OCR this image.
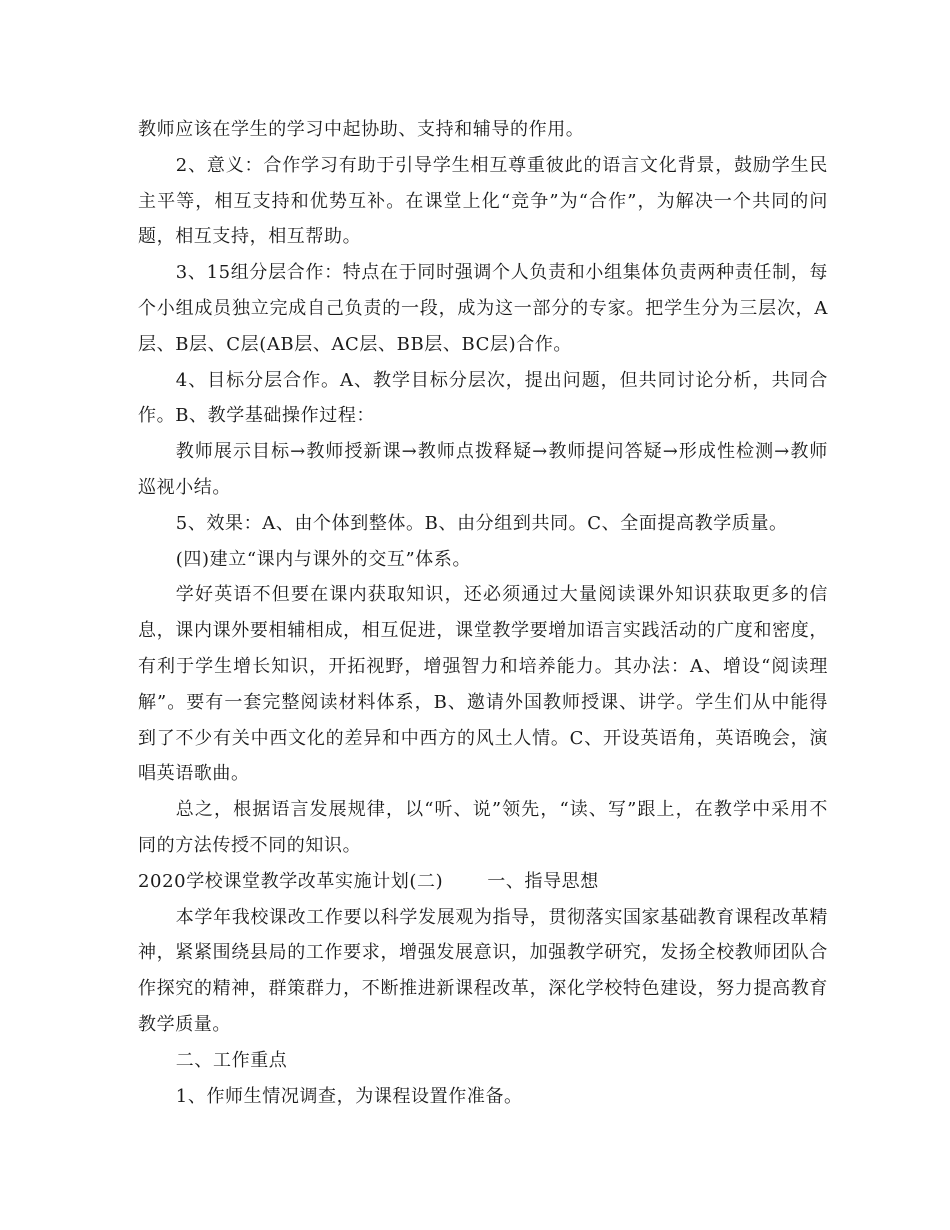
教师应该在学生的学习中起协助、支持和辅导的作用。

2、意义：合作学习有助于引导学生相互尊重彼此的语言文化背景，鼓励学生民主平等，相互支持和优势互补。在课堂上化“竞争”为“合作”，为解决一个共同的问题，相互支持，相互帮助。

3、15组分层合作：特点在于同时强调个人负责和小组集体负责两种责任制，每个小组成员独立完成自己负责的一段，成为这一部分的专家。把学生分为三层次，A层、B层、C层(AB层、AC层、BB层、BC层)合作。

4、目标分层合作。A、教学目标分层次，提出问题，但共同讨论分析，共同合作。B、教学基础操作过程：

教师展示目标→教师授新课→教师点拨释疑→教师提问答疑→形成性检测→教师巡视小结。

5、效果：A、由个体到整体。B、由分组到共同。C、全面提高教学质量。

(四)建立“课内与课外的交互”体系。

学好英语不但要在课内获取知识，还必须通过大量阅读课外知识获取更多的信息，课内课外要相辅相成，相互促进，课堂教学要增加语言实践活动的广度和密度，有利于学生增长知识，开拓视野，增强智力和培养能力。其办法：A、增设“阅读理解”。要有一套完整阅读材料体系，B、邀请外国教师授课、讲学。学生们从中能得到了不少有关中西文化的差异和中西方的风土人情。C、开设英语角，英语晚会，演唱英语歌曲。

总之，根据语言发展规律，以“听、说”领先，“读、写”跟上，在教学中采用不同的方法传授不同的知识。

2020学校课堂教学改革实施计划(二) 一、指导思想

本学年我校课改工作要以科学发展观为指导，贯彻落实国家基础教育课程改革精神，紧紧围绕县局的工作要求，增强发展意识，加强教学研究，发扬全校教师团队合作探究的精神，群策群力，不断推进新课程改革，深化学校特色建设，努力提高教育教学质量。

二、工作重点

1、作师生情况调查，为课程设置作准备。
